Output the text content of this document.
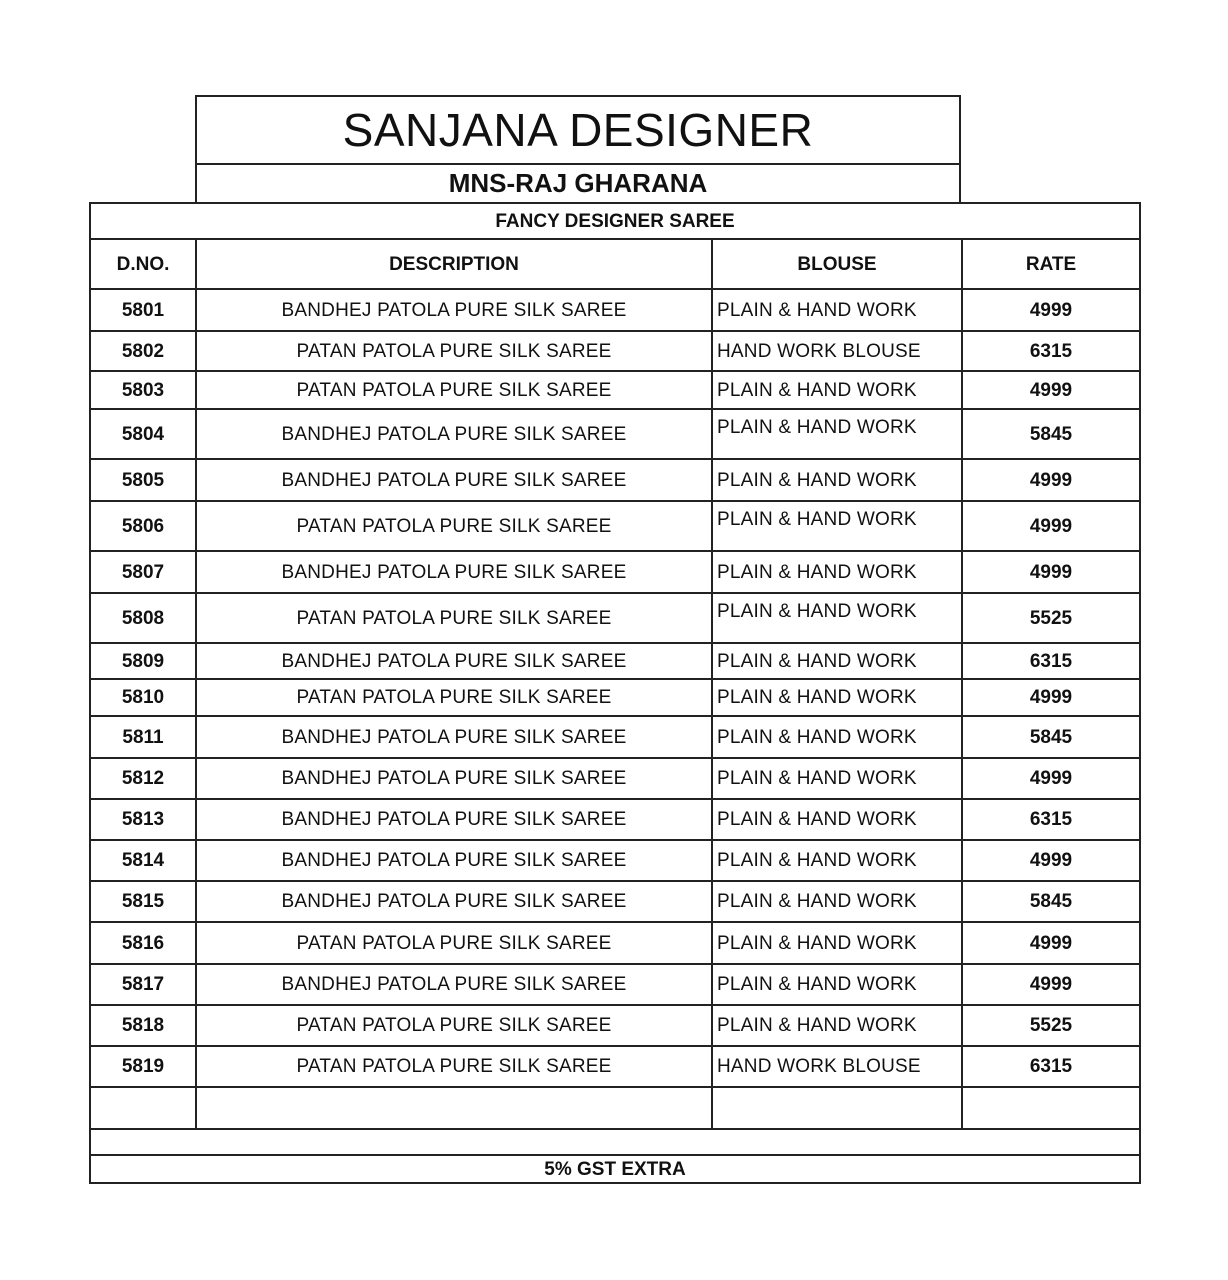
SANJANA DESIGNER
MNS-RAJ GHARANA
FANCY DESIGNER SAREE			
D.NO.	DESCRIPTION	BLOUSE	RATE
5801	BANDHEJ PATOLA PURE SILK SAREE	PLAIN & HAND WORK	4999
5802	PATAN PATOLA PURE SILK SAREE	HAND WORK BLOUSE	6315
5803	PATAN PATOLA PURE SILK SAREE	PLAIN & HAND WORK	4999
5804	BANDHEJ PATOLA PURE SILK SAREE	PLAIN & HAND WORK	5845
5805	BANDHEJ PATOLA PURE SILK SAREE	PLAIN & HAND WORK	4999
5806	PATAN PATOLA PURE SILK SAREE	PLAIN & HAND WORK	4999
5807	BANDHEJ PATOLA PURE SILK SAREE	PLAIN & HAND WORK	4999
5808	PATAN PATOLA PURE SILK SAREE	PLAIN & HAND WORK	5525
5809	BANDHEJ PATOLA PURE SILK SAREE	PLAIN & HAND WORK	6315
5810	PATAN PATOLA PURE SILK SAREE	PLAIN & HAND WORK	4999
5811	BANDHEJ PATOLA PURE SILK SAREE	PLAIN & HAND WORK	5845
5812	BANDHEJ PATOLA PURE SILK SAREE	PLAIN & HAND WORK	4999
5813	BANDHEJ PATOLA PURE SILK SAREE	PLAIN & HAND WORK	6315
5814	BANDHEJ PATOLA PURE SILK SAREE	PLAIN & HAND WORK	4999
5815	BANDHEJ PATOLA PURE SILK SAREE	PLAIN & HAND WORK	5845
5816	PATAN PATOLA PURE SILK SAREE	PLAIN & HAND WORK	4999
5817	BANDHEJ PATOLA PURE SILK SAREE	PLAIN & HAND WORK	4999
5818	PATAN PATOLA PURE SILK SAREE	PLAIN & HAND WORK	5525
5819	PATAN PATOLA PURE SILK SAREE	HAND WORK BLOUSE	6315

5% GST EXTRA			
